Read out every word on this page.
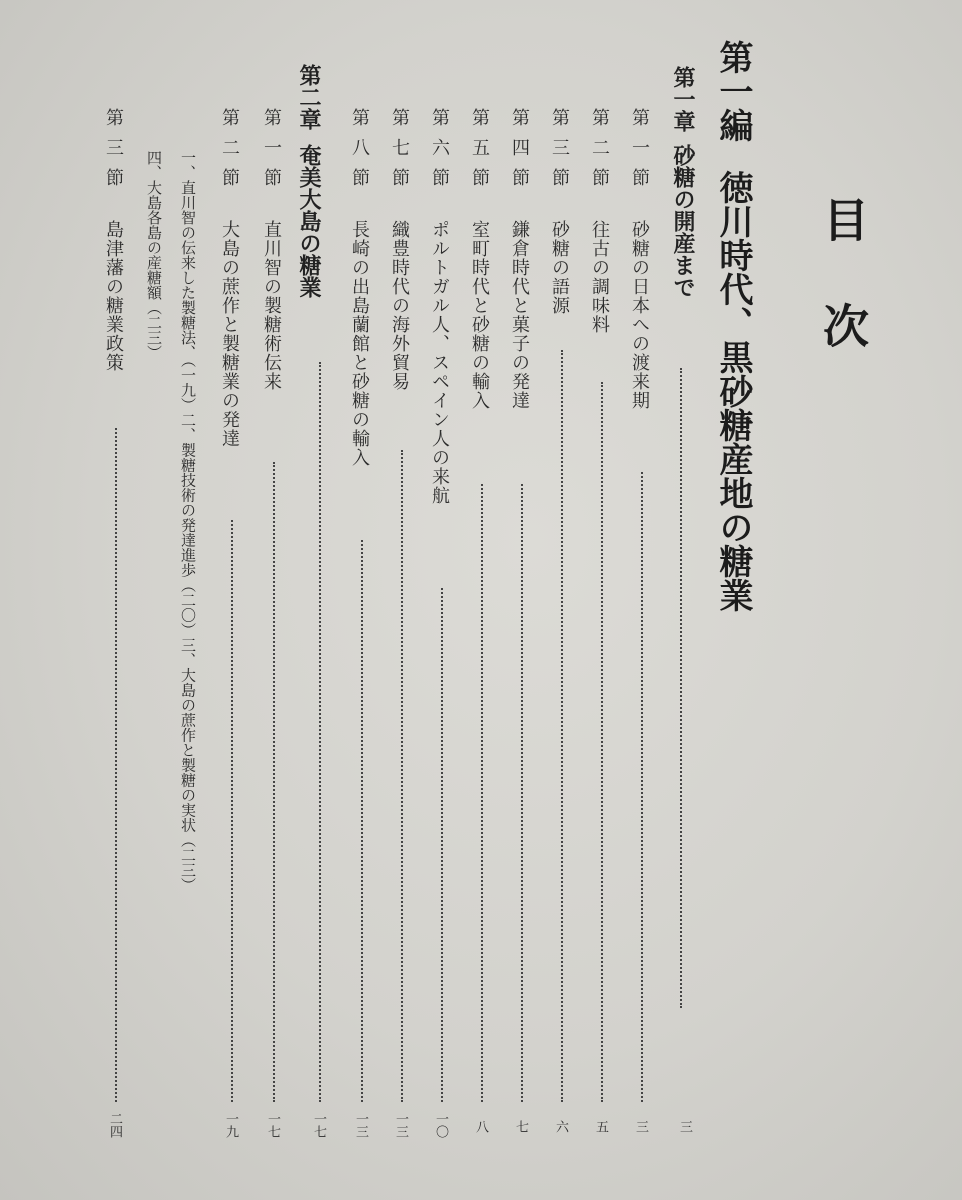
目次
第一編徳川時代、黒砂糖産地の糖業
第一章砂糖の開産まで
三
第一節砂糖の日本への渡来期
三
第二節往古の調味料
五
第三節砂糖の語源
六
第四節鎌倉時代と菓子の発達
七
第五節室町時代と砂糖の輸入
八
第六節ポルトガル人、スペイン人の来航
一〇
第七節織豊時代の海外貿易
一三
第八節長崎の出島蘭館と砂糖の輸入
一三
第二章奄美大島の糖業
一七
第一節直川智の製糖術伝来
一七
第二節大島の蔗作と製糖業の発達
一九
一、直川智の伝来した製糖法、（一九）二、製糖技術の発達進歩（二〇）三、大島の蔗作と製糖の実状（二三）
四、大島各島の産糖額（二三）
第三節島津藩の糖業政策
二四
